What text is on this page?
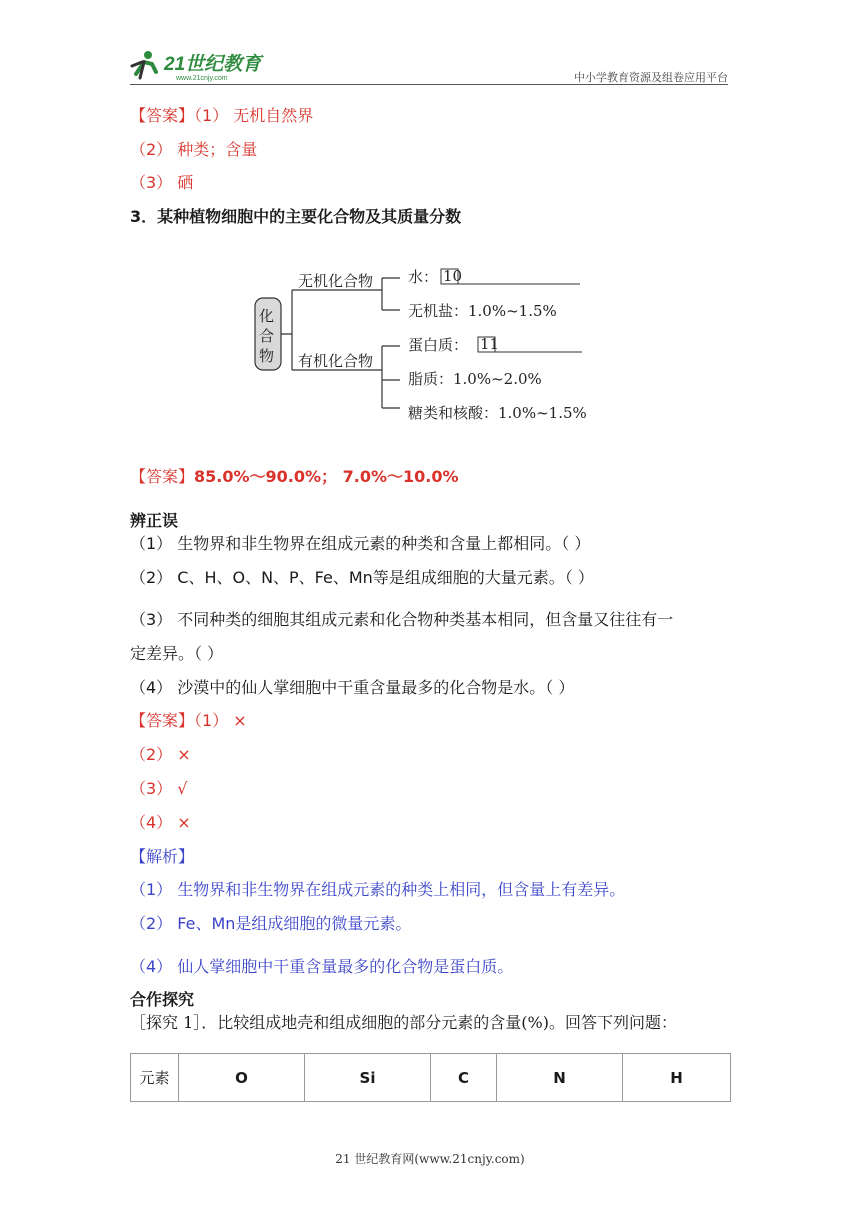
21世纪教育
www.21cnjy.com	中小学教育资源及组卷应用平台
【答案】（1） 无机自然界
（2） 种类；含量
（3） 硒
3．某种植物细胞中的主要化合物及其质量分数
化
合
物
无机化合物
有机化合物
水： 10
无机盐：1.0%~1.5%
蛋白质： 11
脂质：1.0%~2.0%
糖类和核酸：1.0%~1.5%
【答案】85.0%～90.0%； 7.0%～10.0%
辨正误
（1） 生物界和非生物界在组成元素的种类和含量上都相同。（ ）
（2） C、H、O、N、P、Fe、Mn等是组成细胞的大量元素。（ ）
（3） 不同种类的细胞其组成元素和化合物种类基本相同，但含量又往往有一
定差异。（ ）
（4） 沙漠中的仙人掌细胞中干重含量最多的化合物是水。（ ）
【答案】（1） ×
（2） ×
（3） √
（4） ×
【解析】
（1） 生物界和非生物界在组成元素的种类上相同，但含量上有差异。
（2） Fe、Mn是组成细胞的微量元素。
（4） 仙人掌细胞中干重含量最多的化合物是蛋白质。
合作探究
［探究 1］．比较组成地壳和组成细胞的部分元素的含量(%)。回答下列问题：
元素	O	Si	C	N	H
21 世纪教育网(www.21cnjy.com)
